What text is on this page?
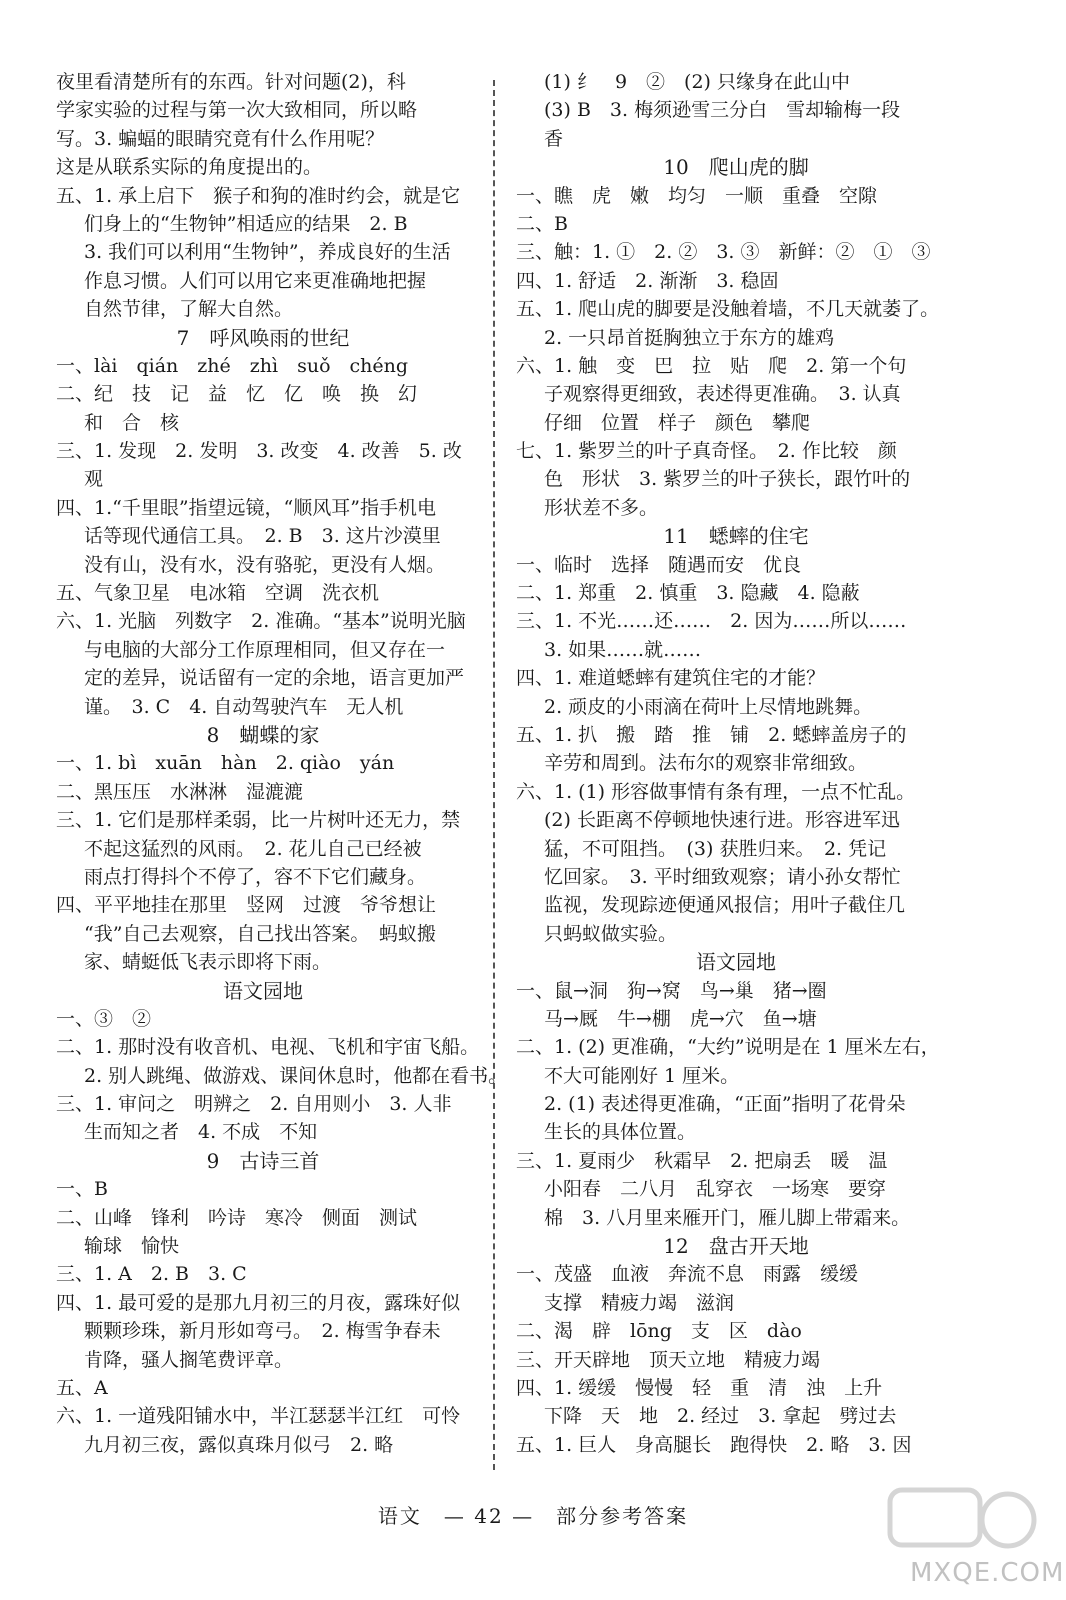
夜里看清楚所有的东西。针对问题(2)，科
学家实验的过程与第一次大致相同，所以略
写。3. 蝙蝠的眼睛究竟有什么作用呢？
这是从联系实际的角度提出的。
五、1. 承上启下　猴子和狗的准时约会，就是它
们身上的“生物钟”相适应的结果　2. B
3. 我们可以利用“生物钟”，养成良好的生活
作息习惯。人们可以用它来更准确地把握
自然节律，了解大自然。
7　呼风唤雨的世纪
一、lài　qián　zhé　zhì　suǒ　chéng
二、纪　技　记　益　忆　亿　唤　换　幻
和　合　核
三、1. 发现　2. 发明　3. 改变　4. 改善　5. 改
观
四、1.“千里眼”指望远镜，“顺风耳”指手机电
话等现代通信工具。　2. B　3. 这片沙漠里
没有山，没有水，没有骆驼，更没有人烟。
五、气象卫星　电冰箱　空调　洗衣机
六、1. 光脑　列数字　2. 准确。“基本”说明光脑
与电脑的大部分工作原理相同，但又存在一
定的差异，说话留有一定的余地，语言更加严
谨。　3. C　4. 自动驾驶汽车　无人机
8　蝴蝶的家
一、1. bì　xuān　hàn　2. qiào　yán
二、黑压压　水淋淋　湿漉漉
三、1. 它们是那样柔弱，比一片树叶还无力，禁
不起这猛烈的风雨。　2. 花儿自己已经被
雨点打得抖个不停了，容不下它们藏身。
四、平平地挂在那里　竖网　过渡　爷爷想让
“我”自己去观察，自己找出答案。　蚂蚁搬
家、蜻蜓低飞表示即将下雨。
语文园地
一、③　②
二、1. 那时没有收音机、电视、飞机和宇宙飞船。
2. 别人跳绳、做游戏、课间休息时，他都在看书。
三、1. 审问之　明辨之　2. 自用则小　3. 人非
生而知之者　4. 不成　不知
9　古诗三首
一、B
二、山峰　锋利　吟诗　寒冷　侧面　测试
输球　愉快
三、1. A　2. B　3. C
四、1. 最可爱的是那九月初三的月夜，露珠好似
颗颗珍珠，新月形如弯弓。　2. 梅雪争春未
肯降，骚人搁笔费评章。
五、A
六、1. 一道残阳铺水中，半江瑟瑟半江红　可怜
九月初三夜，露似真珠月似弓　2. 略
(1) 纟　9　②　(2) 只缘身在此山中
(3) B　3. 梅须逊雪三分白　雪却输梅一段
香
10　爬山虎的脚
一、瞧　虎　嫩　均匀　一顺　重叠　空隙
二、B
三、触：1. ①　2. ②　3. ③　新鲜：②　①　③
四、1. 舒适　2. 渐渐　3. 稳固
五、1. 爬山虎的脚要是没触着墙，不几天就萎了。
2. 一只昂首挺胸独立于东方的雄鸡
六、1. 触　变　巴　拉　贴　爬　2. 第一个句
子观察得更细致，表述得更准确。　3. 认真
仔细　位置　样子　颜色　攀爬
七、1. 紫罗兰的叶子真奇怪。　2. 作比较　颜
色　形状　3. 紫罗兰的叶子狭长，跟竹叶的
形状差不多。
11　蟋蟀的住宅
一、临时　选择　随遇而安　优良
二、1. 郑重　2. 慎重　3. 隐藏　4. 隐蔽
三、1. 不光……还……　2. 因为……所以……
3. 如果……就……
四、1. 难道蟋蟀有建筑住宅的才能？
2. 顽皮的小雨滴在荷叶上尽情地跳舞。
五、1. 扒　搬　踏　推　铺　2. 蟋蟀盖房子的
辛劳和周到。法布尔的观察非常细致。
六、1. (1) 形容做事情有条有理，一点不忙乱。
(2) 长距离不停顿地快速行进。形容进军迅
猛，不可阻挡。　(3) 获胜归来。　2. 凭记
忆回家。　3. 平时细致观察；请小孙女帮忙
监视，发现踪迹便通风报信；用叶子截住几
只蚂蚁做实验。
语文园地
一、鼠→洞　狗→窝　鸟→巢　猪→圈
马→厩　牛→棚　虎→穴　鱼→塘
二、1. (2) 更准确，“大约”说明是在 1 厘米左右，
不大可能刚好 1 厘米。
2. (1) 表述得更准确，“正面”指明了花骨朵
生长的具体位置。
三、1. 夏雨少　秋霜早　2. 把扇丢　暖　温
小阳春　二八月　乱穿衣　一场寒　要穿
棉　3. 八月里来雁开门，雁儿脚上带霜来。
12　盘古开天地
一、茂盛　血液　奔流不息　雨露　缓缓
支撑　精疲力竭　滋润
二、渴　辟　lōng　支　区　dào
三、开天辟地　顶天立地　精疲力竭
四、1. 缓缓　慢慢　轻　重　清　浊　上升
下降　天　地　2. 经过　3. 拿起　劈过去
五、1. 巨人　身高腿长　跑得快　2. 略　3. 因
语文　— 42 —　部分参考答案
MXQE.COM
